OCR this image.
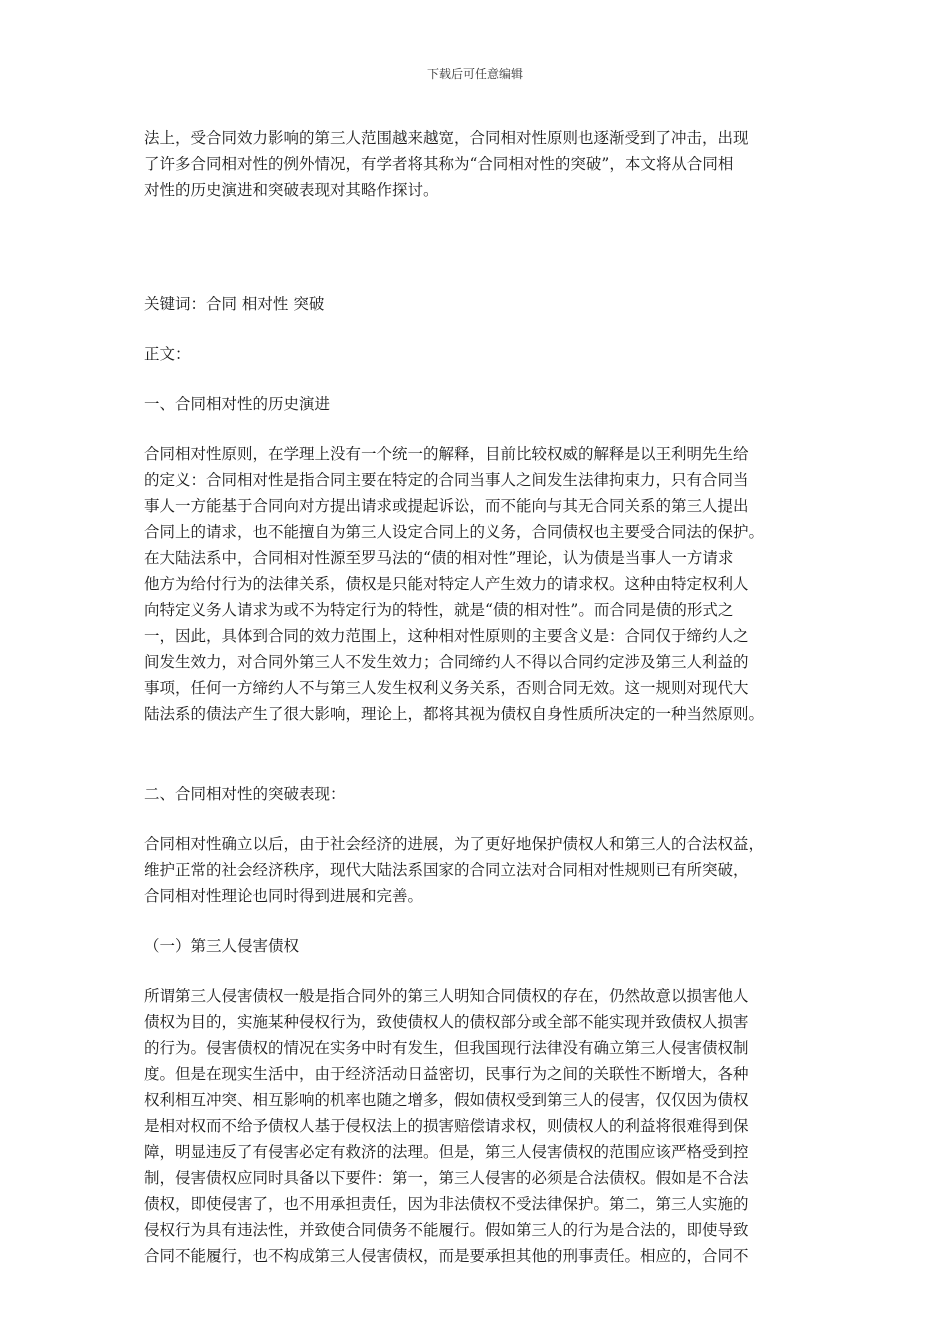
下载后可任意编辑
法上，受合同效力影响的第三人范围越来越宽，合同相对性原则也逐渐受到了冲击，出现
了许多合同相对性的例外情况，有学者将其称为“合同相对性的突破”，本文将从合同相
对性的历史演进和突破表现对其略作探讨。
关键词：合同 相对性 突破
正文：
一、合同相对性的历史演进
合同相对性原则，在学理上没有一个统一的解释，目前比较权威的解释是以王利明先生给
的定义：合同相对性是指合同主要在特定的合同当事人之间发生法律拘束力，只有合同当
事人一方能基于合同向对方提出请求或提起诉讼，而不能向与其无合同关系的第三人提出
合同上的请求，也不能擅自为第三人设定合同上的义务，合同债权也主要受合同法的保护。
在大陆法系中，合同相对性源至罗马法的“债的相对性”理论，认为债是当事人一方请求
他方为给付行为的法律关系，债权是只能对特定人产生效力的请求权。这种由特定权利人
向特定义务人请求为或不为特定行为的特性，就是“债的相对性”。而合同是债的形式之
一，因此，具体到合同的效力范围上，这种相对性原则的主要含义是：合同仅于缔约人之
间发生效力，对合同外第三人不发生效力；合同缔约人不得以合同约定涉及第三人利益的
事项，任何一方缔约人不与第三人发生权利义务关系，否则合同无效。这一规则对现代大
陆法系的债法产生了很大影响，理论上，都将其视为债权自身性质所决定的一种当然原则。
二、合同相对性的突破表现：
合同相对性确立以后，由于社会经济的进展，为了更好地保护债权人和第三人的合法权益，
维护正常的社会经济秩序，现代大陆法系国家的合同立法对合同相对性规则已有所突破，
合同相对性理论也同时得到进展和完善。
（一）第三人侵害债权
所谓第三人侵害债权一般是指合同外的第三人明知合同债权的存在，仍然故意以损害他人
债权为目的，实施某种侵权行为，致使债权人的债权部分或全部不能实现并致债权人损害
的行为。侵害债权的情况在实务中时有发生，但我国现行法律没有确立第三人侵害债权制
度。但是在现实生活中，由于经济活动日益密切，民事行为之间的关联性不断增大，各种
权利相互冲突、相互影响的机率也随之增多，假如债权受到第三人的侵害，仅仅因为债权
是相对权而不给予债权人基于侵权法上的损害赔偿请求权，则债权人的利益将很难得到保
障，明显违反了有侵害必定有救济的法理。但是，第三人侵害债权的范围应该严格受到控
制，侵害债权应同时具备以下要件：第一，第三人侵害的必须是合法债权。假如是不合法
债权，即使侵害了，也不用承担责任，因为非法债权不受法律保护。第二，第三人实施的
侵权行为具有违法性，并致使合同债务不能履行。假如第三人的行为是合法的，即使导致
合同不能履行，也不构成第三人侵害债权，而是要承担其他的刑事责任。相应的，合同不
